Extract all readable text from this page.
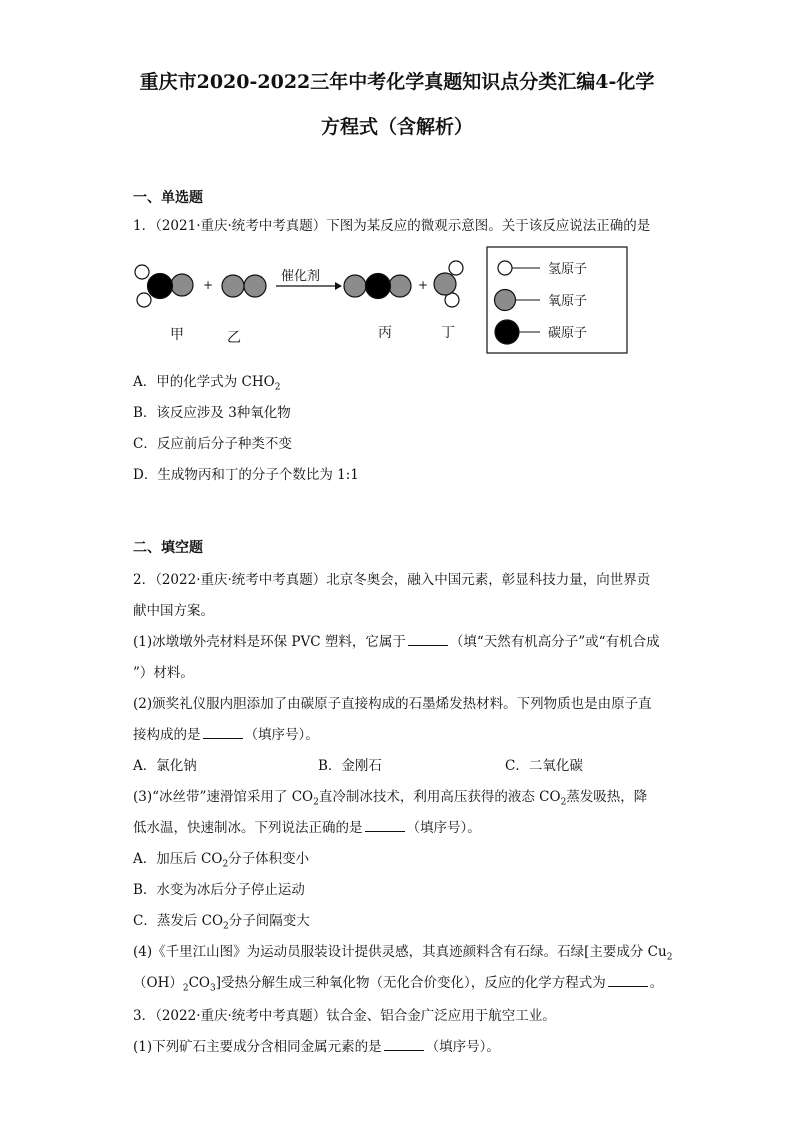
重庆市2020-2022三年中考化学真题知识点分类汇编4-化学
方程式（含解析）
一、单选题
1．（2021·重庆·统考中考真题）下图为某反应的微观示意图。关于该反应说法正确的是
+
催化剂
+
甲	乙	丙	丁
氢原子
氧原子
碳原子
A．甲的化学式为 $CHO_2$
B．该反应涉及 3种氧化物
C．反应前后分子种类不变
D．生成物丙和丁的分子个数比为 1:1
二、填空题
2．（2022·重庆·统考中考真题）北京冬奥会，融入中国元素，彰显科技力量，向世界贡
献中国方案。
(1)冰墩墩外壳材料是环保 PVC 塑料，它属于	（填“天然有机高分子”或“有机合成
”）材料。
(2)颁奖礼仪服内胆添加了由碳原子直接构成的石墨烯发热材料。下列物质也是由原子直
接构成的是	（填序号）。
A．氯化钠	B．金刚石	C．二氧化碳
(3)“冰丝带”速滑馆采用了 $CO_2$直冷制冰技术，利用高压获得的液态 $CO_2$蒸发吸热，降
低水温，快速制冰。下列说法正确的是	（填序号）。
A．加压后 $CO_2$分子体积变小
B．水变为冰后分子停止运动
C．蒸发后 $CO_2$分子间隔变大
(4)《千里江山图》为运动员服装设计提供灵感，其真迹颜料含有石绿。石绿[主要成分 $Cu_2$
$(OH)_2CO_3$]受热分解生成三种氧化物（无化合价变化），反应的化学方程式为	。
3．（2022·重庆·统考中考真题）钛合金、铝合金广泛应用于航空工业。
(1)下列矿石主要成分含相同金属元素的是	（填序号）。
